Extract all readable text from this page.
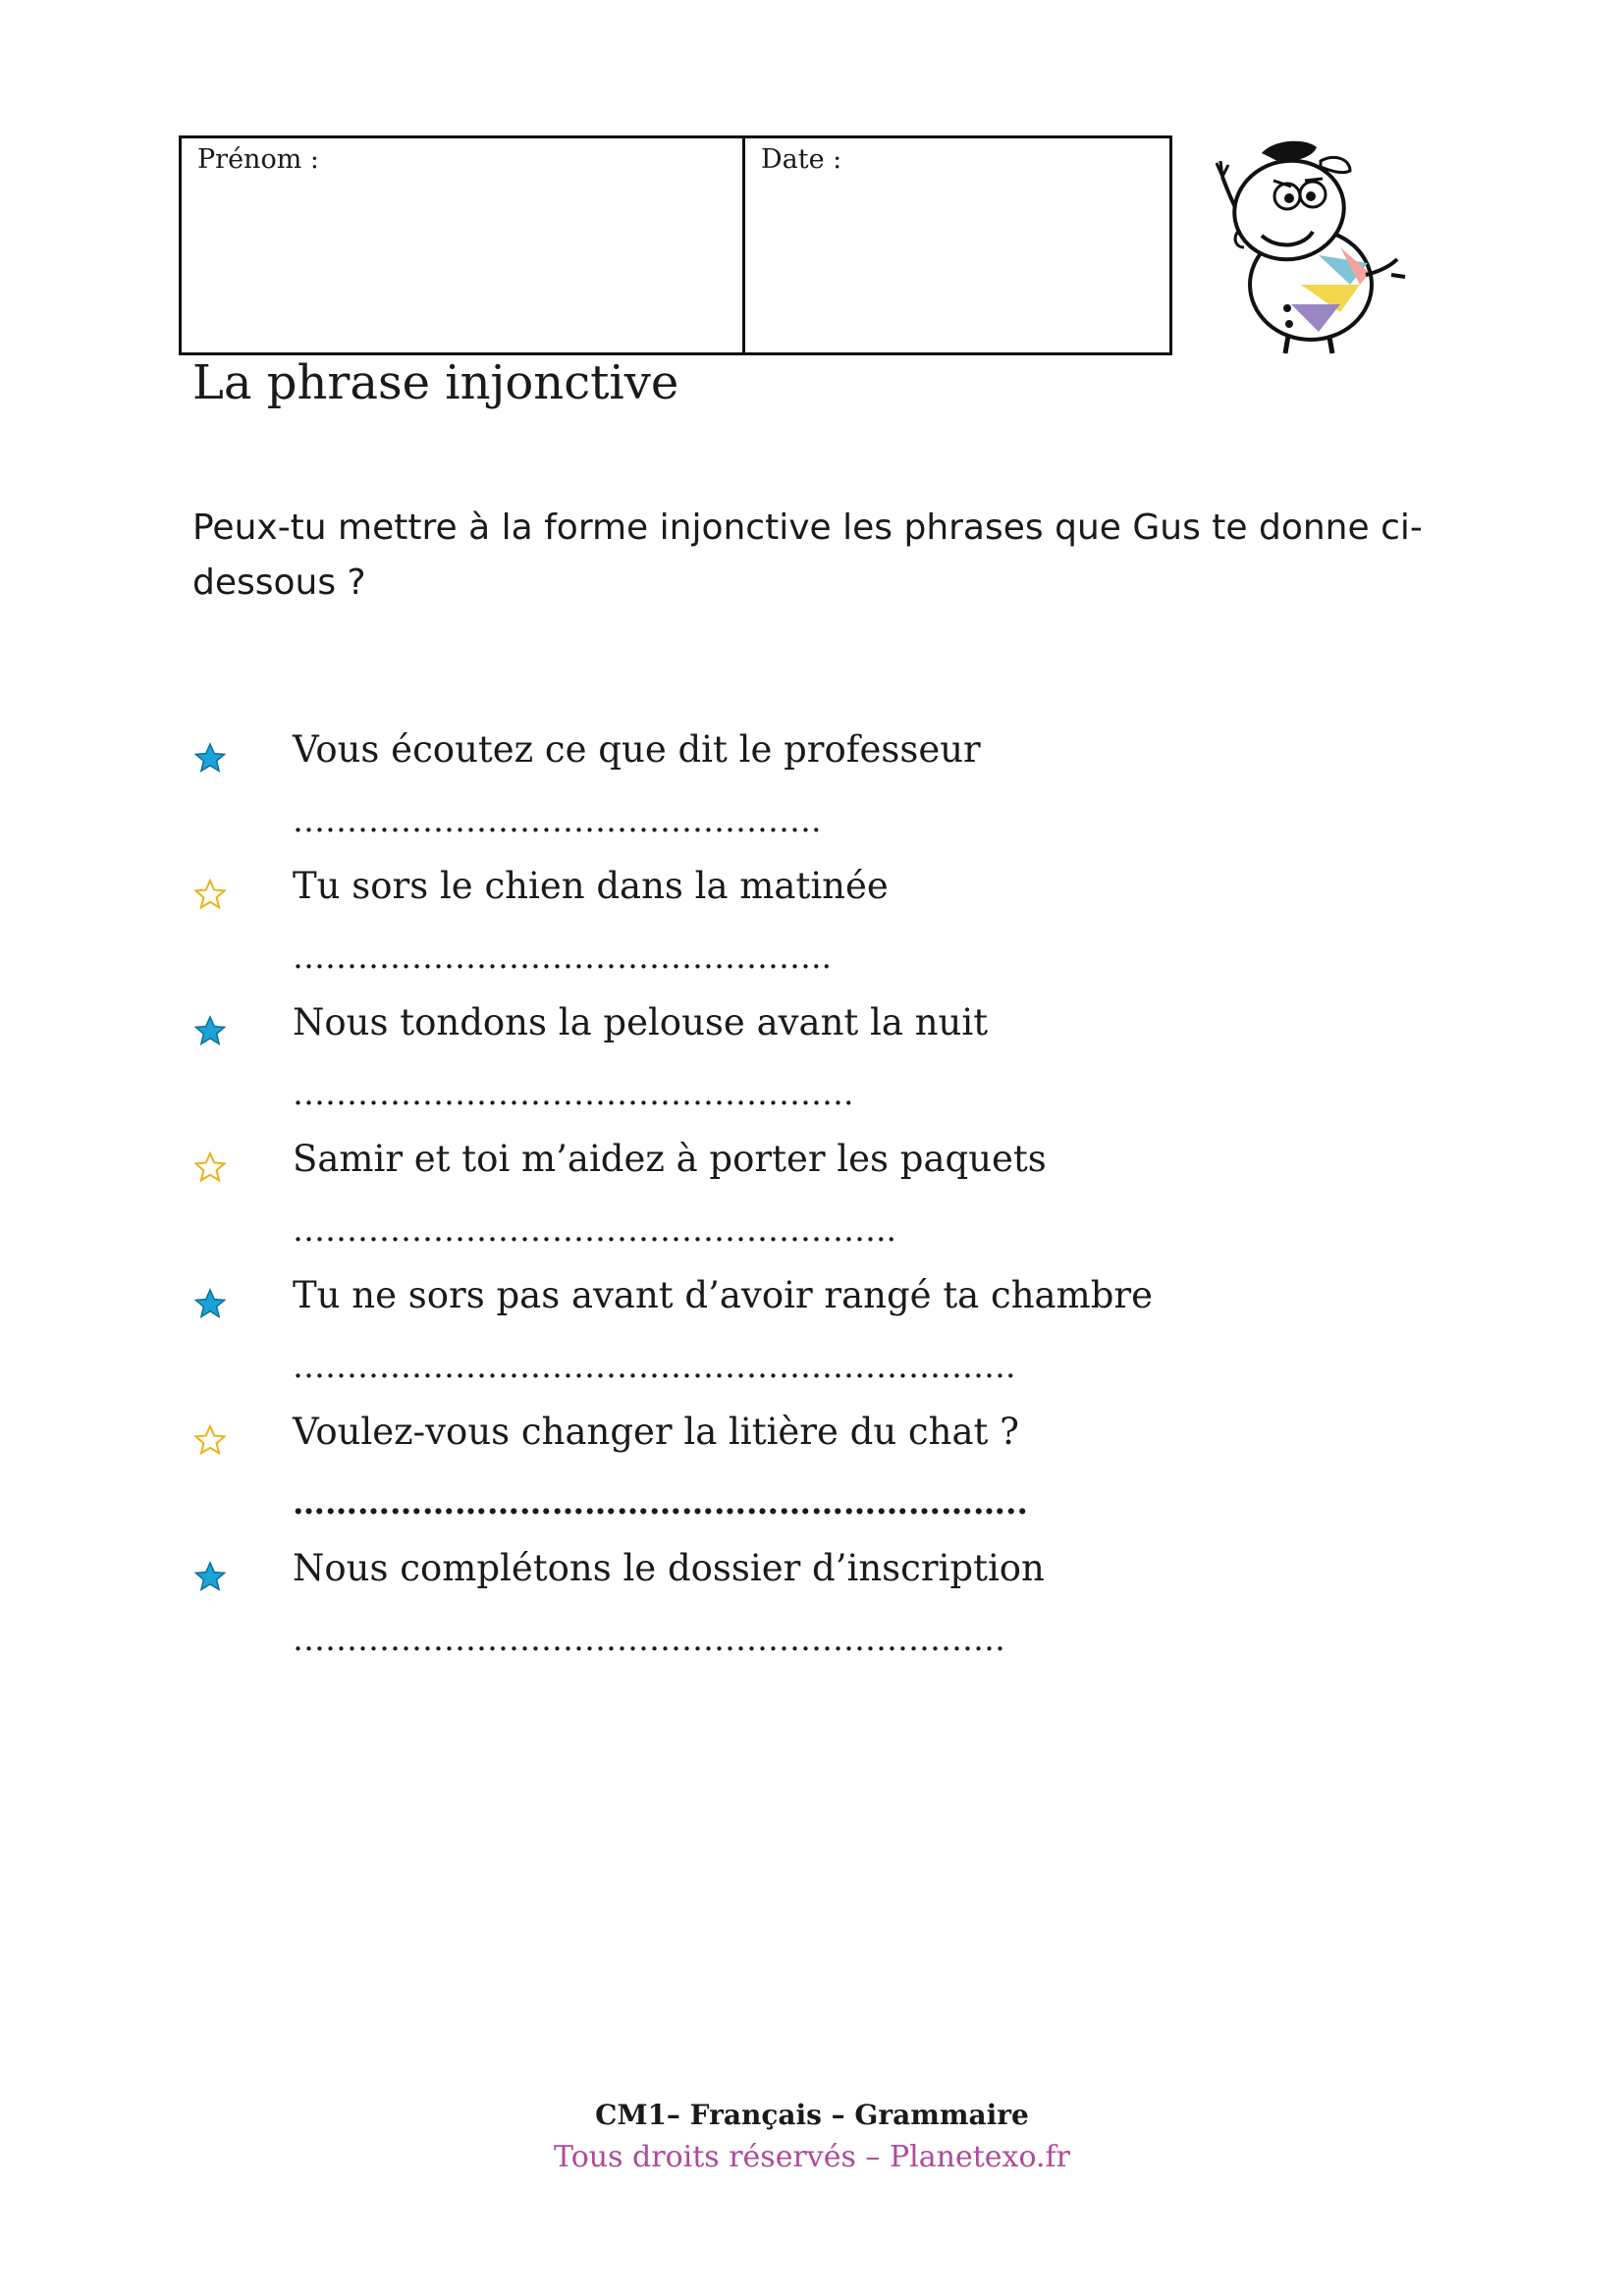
Prénom :	Date :
La phrase injonctive

Peux-tu mettre à la forme injonctive les phrases que Gus te donne ci-dessous ?

Vous écoutez ce que dit le professeur
………………………………………….
Tu sors le chien dans la matinée
…………………………………………..
Nous tondons la pelouse avant la nuit
…………………………………………….
Samir et toi m’aidez à porter les paquets
………………………………………………..
Tu ne sors pas avant d’avoir rangé ta chambre
………………………………………………………….
Voulez-vous changer la litière du chat ?
…………………………………………………………..
Nous complétons le dossier d’inscription
…………………………………………………………
CM1– Français – Grammaire
Tous droits réservés – Planetexo.fr
